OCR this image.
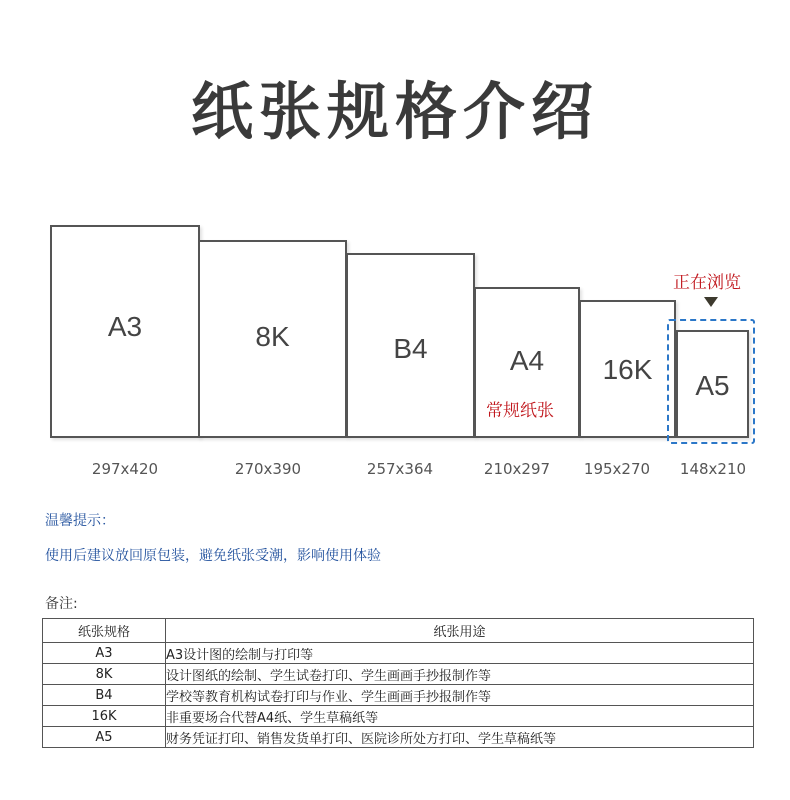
纸张规格介绍
A3	8K	B4	A4	16K
A5
常规纸张
正在浏览
297x420	270x390	257x364	210x297	195x270	148x210
温馨提示：
使用后建议放回原包装，避免纸张受潮，影响使用体验
备注:
纸张规格	纸张用途
A3	A3设计图的绘制与打印等
8K	设计图纸的绘制、学生试卷打印、学生画画手抄报制作等
B4	学校等教育机构试卷打印与作业、学生画画手抄报制作等
16K	非重要场合代替A4纸、学生草稿纸等
A5	财务凭证打印、销售发货单打印、医院诊所处方打印、学生草稿纸等
